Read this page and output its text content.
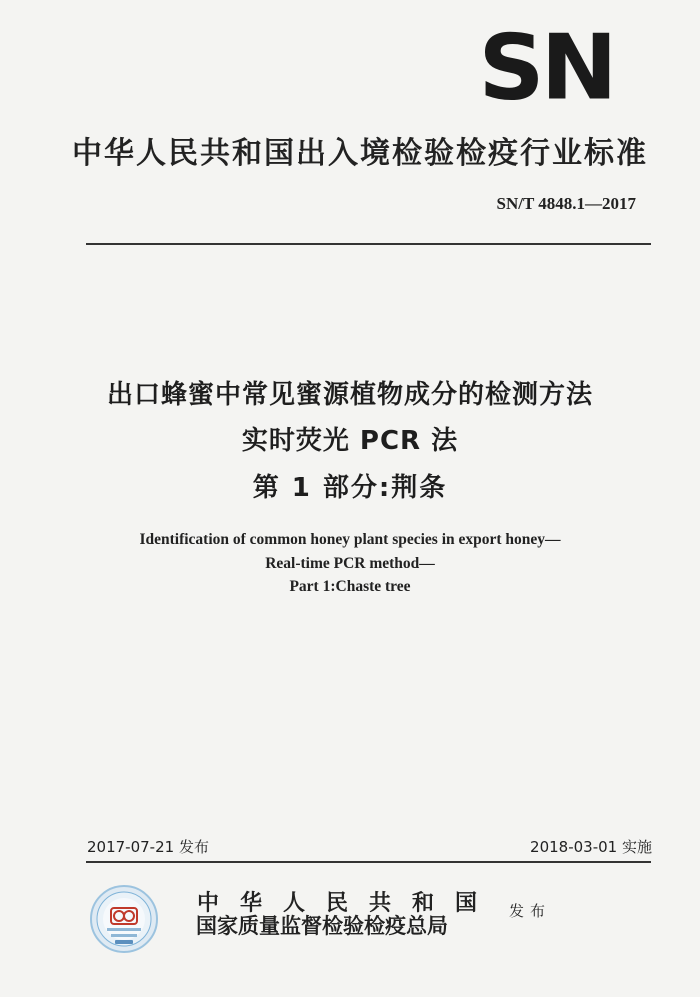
SN
中华人民共和国出入境检验检疫行业标准
SN/T 4848.1—2017
出口蜂蜜中常见蜜源植物成分的检测方法
实时荧光 PCR 法
第 1 部分:荆条
Identification of common honey plant species in export honey—
Real-time PCR method—
Part 1:Chaste tree
2017-07-21 发布	2018-03-01 实施
中华人民共和国
国家质量监督检验检疫总局
发布
